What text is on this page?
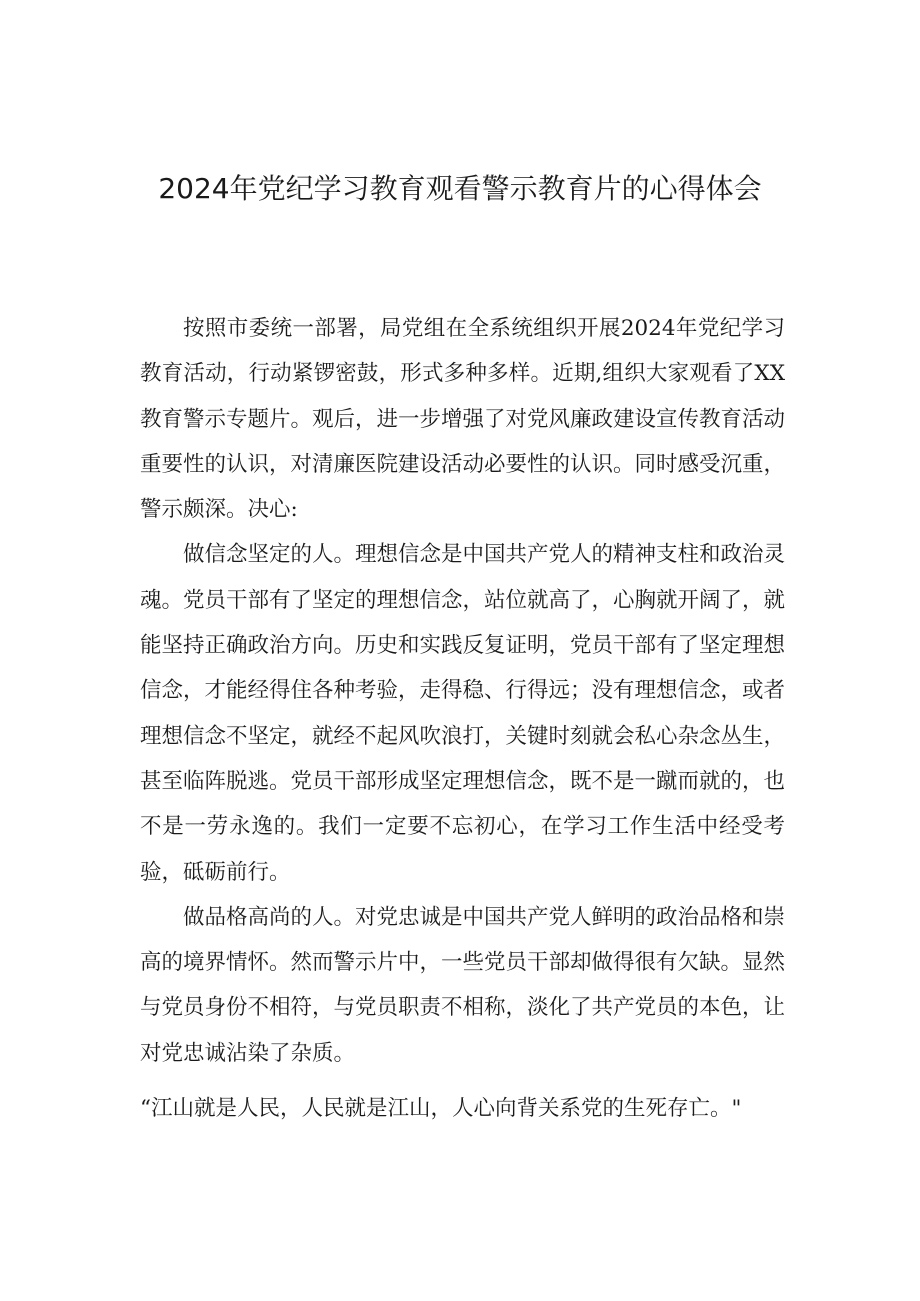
2024年党纪学习教育观看警示教育片的心得体会

按照市委统一部署，局党组在全系统组织开展2024年党纪学习教育活动，行动紧锣密鼓，形式多种多样。近期,组织大家观看了XX教育警示专题片。观后，进一步增强了对党风廉政建设宣传教育活动重要性的认识，对清廉医院建设活动必要性的认识。同时感受沉重，警示颇深。决心:

做信念坚定的人。理想信念是中国共产党人的精神支柱和政治灵魂。党员干部有了坚定的理想信念，站位就高了，心胸就开阔了，就能坚持正确政治方向。历史和实践反复证明，党员干部有了坚定理想信念，才能经得住各种考验，走得稳、行得远；没有理想信念，或者理想信念不坚定，就经不起风吹浪打，关键时刻就会私心杂念丛生，甚至临阵脱逃。党员干部形成坚定理想信念，既不是一蹴而就的，也不是一劳永逸的。我们一定要不忘初心，在学习工作生活中经受考验，砥砺前行。

做品格高尚的人。对党忠诚是中国共产党人鲜明的政治品格和崇高的境界情怀。然而警示片中，一些党员干部却做得很有欠缺。显然与党员身份不相符，与党员职责不相称，淡化了共产党员的本色，让对党忠诚沾染了杂质。

“江山就是人民，人民就是江山，人心向背关系党的生死存亡。"
